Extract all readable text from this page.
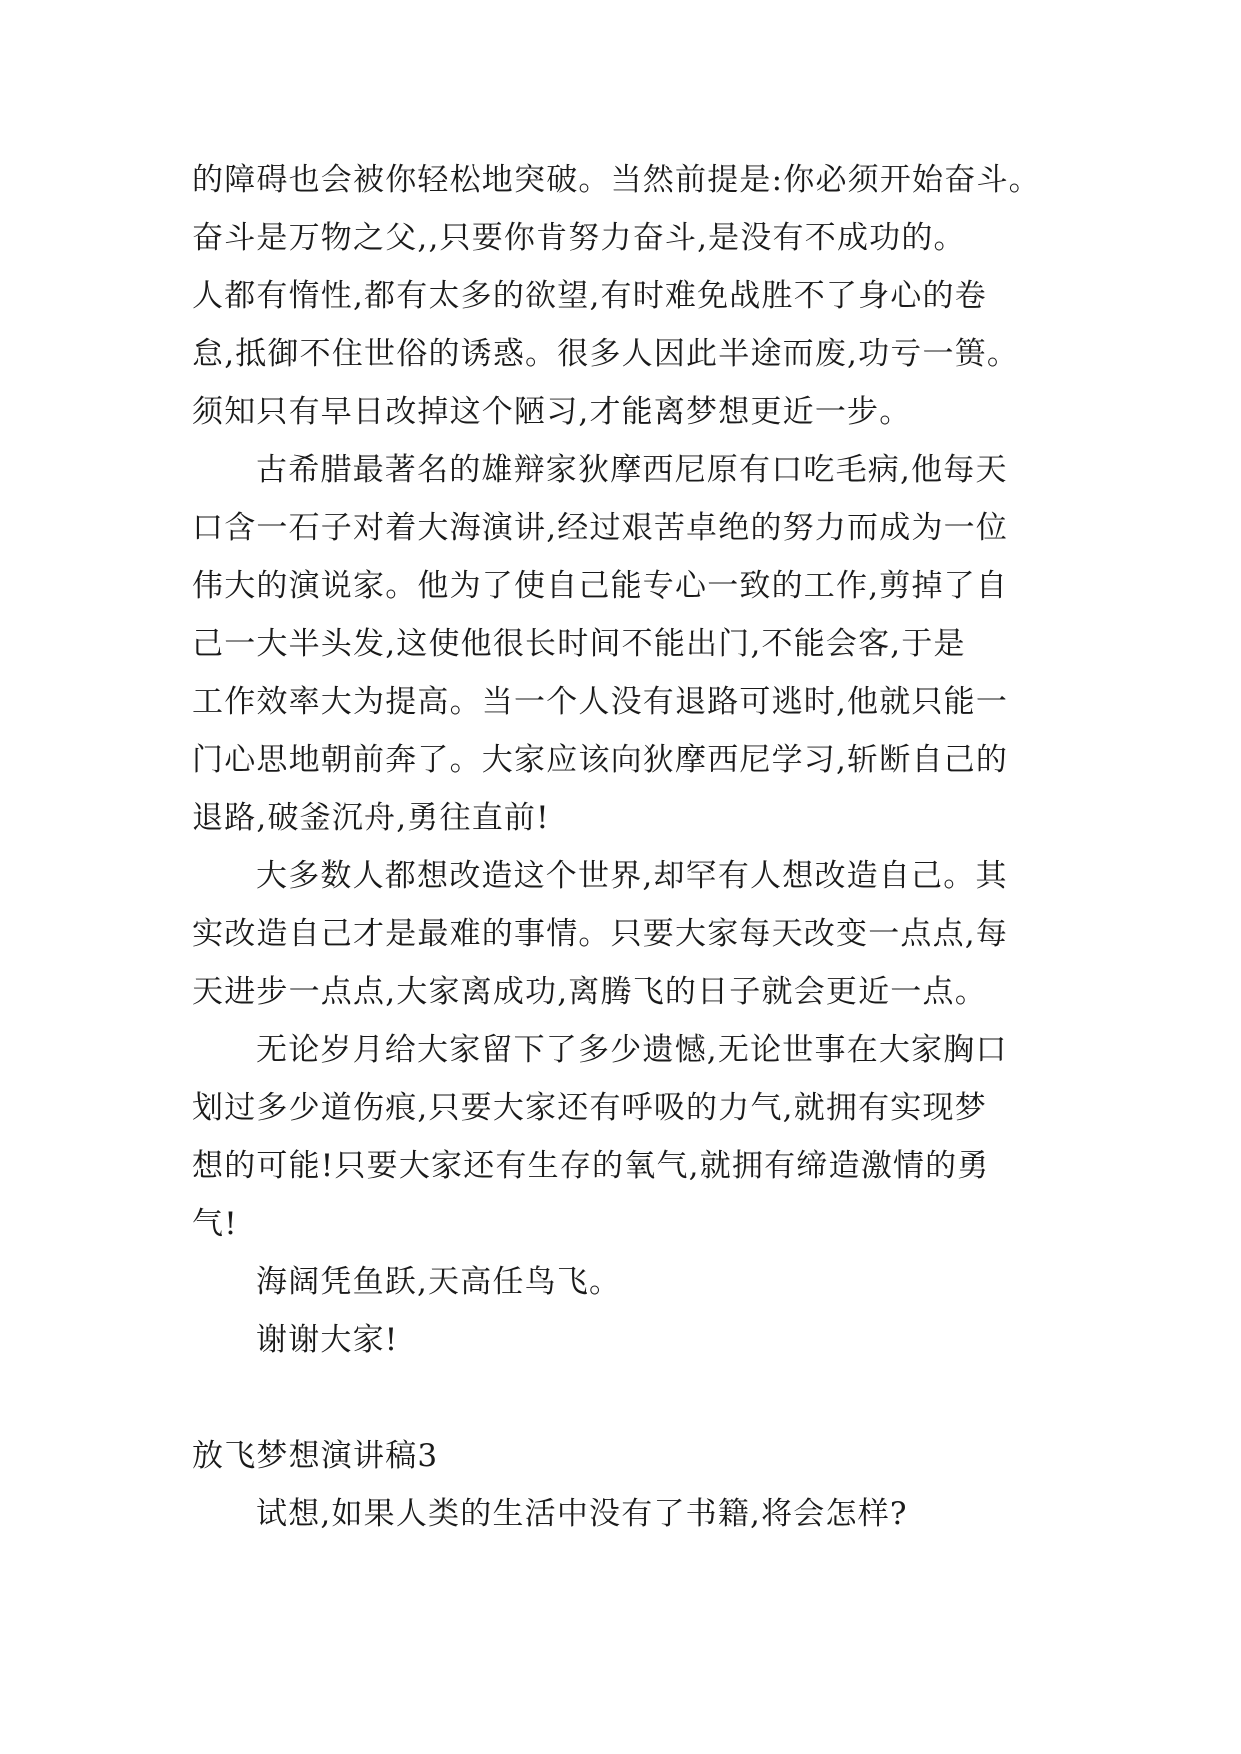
的障碍也会被你轻松地突破。当然前提是:你必须开始奋斗。
奋斗是万物之父,,只要你肯努力奋斗,是没有不成功的。
人都有惰性,都有太多的欲望,有时难免战胜不了身心的卷
怠,抵御不住世俗的诱惑。很多人因此半途而废,功亏一篑。
须知只有早日改掉这个陋习,才能离梦想更近一步。
古希腊最著名的雄辩家狄摩西尼原有口吃毛病,他每天
口含一石子对着大海演讲,经过艰苦卓绝的努力而成为一位
伟大的演说家。他为了使自己能专心一致的工作,剪掉了自
己一大半头发,这使他很长时间不能出门,不能会客,于是
工作效率大为提高。当一个人没有退路可逃时,他就只能一
门心思地朝前奔了。大家应该向狄摩西尼学习,斩断自己的
退路,破釜沉舟,勇往直前!
大多数人都想改造这个世界,却罕有人想改造自己。其
实改造自己才是最难的事情。只要大家每天改变一点点,每
天进步一点点,大家离成功,离腾飞的日子就会更近一点。
无论岁月给大家留下了多少遗憾,无论世事在大家胸口
划过多少道伤痕,只要大家还有呼吸的力气,就拥有实现梦
想的可能!只要大家还有生存的氧气,就拥有缔造激情的勇
气!
海阔凭鱼跃,天高任鸟飞。
谢谢大家!
放飞梦想演讲稿3
试想,如果人类的生活中没有了书籍,将会怎样?
